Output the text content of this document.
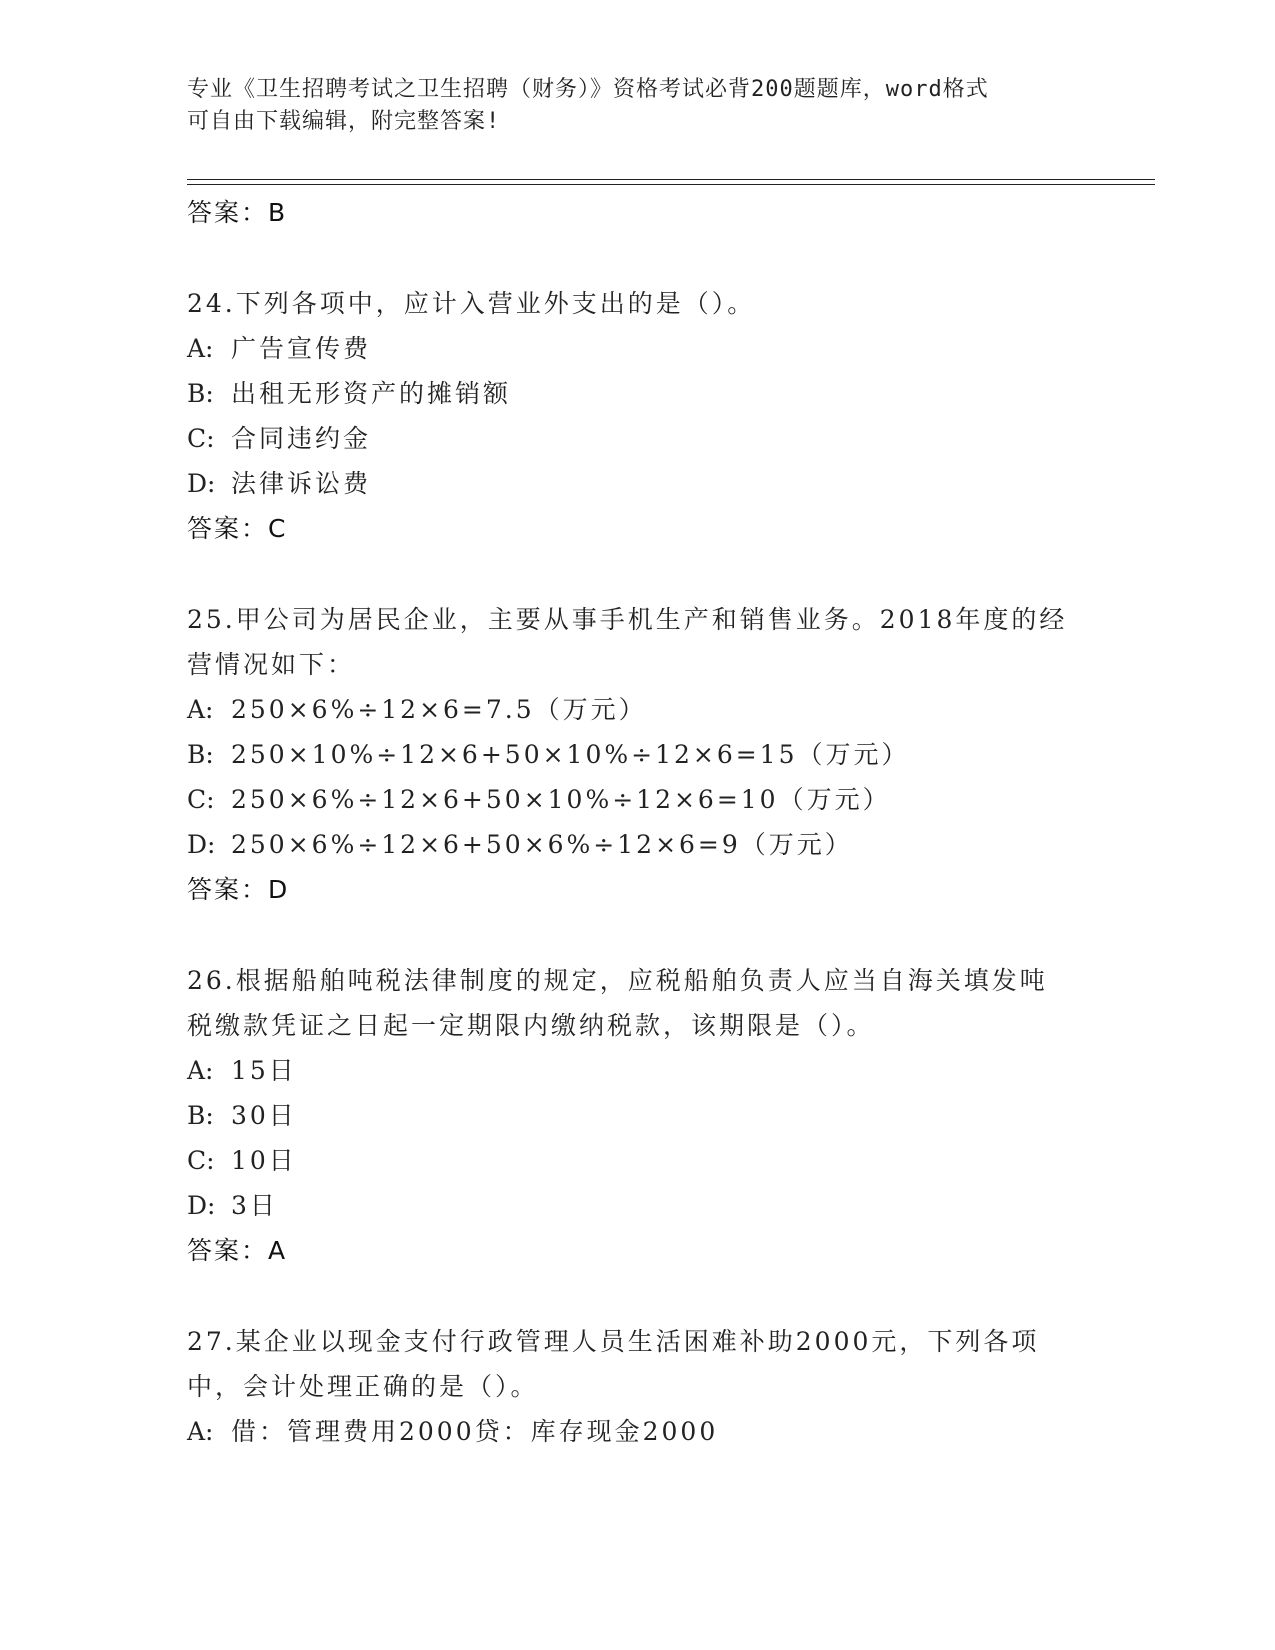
专业《卫生招聘考试之卫生招聘（财务）》资格考试必背200题题库，word格式
可自由下载编辑，附完整答案!
答案：B
24.下列各项中，应计入营业外支出的是（）。
A: 广告宣传费
B: 出租无形资产的摊销额
C: 合同违约金
D: 法律诉讼费
答案：C
25.甲公司为居民企业，主要从事手机生产和销售业务。2018年度的经
营情况如下：
A: 250×6%÷12×6=7.5（万元）
B: 250×10%÷12×6+50×10%÷12×6=15（万元）
C: 250×6%÷12×6+50×10%÷12×6=10（万元）
D: 250×6%÷12×6+50×6%÷12×6=9（万元）
答案：D
26.根据船舶吨税法律制度的规定，应税船舶负责人应当自海关填发吨
税缴款凭证之日起一定期限内缴纳税款，该期限是（）。
A: 15日
B: 30日
C: 10日
D: 3日
答案：A
27.某企业以现金支付行政管理人员生活困难补助2000元，下列各项
中，会计处理正确的是（）。
A: 借：管理费用2000贷：库存现金2000
